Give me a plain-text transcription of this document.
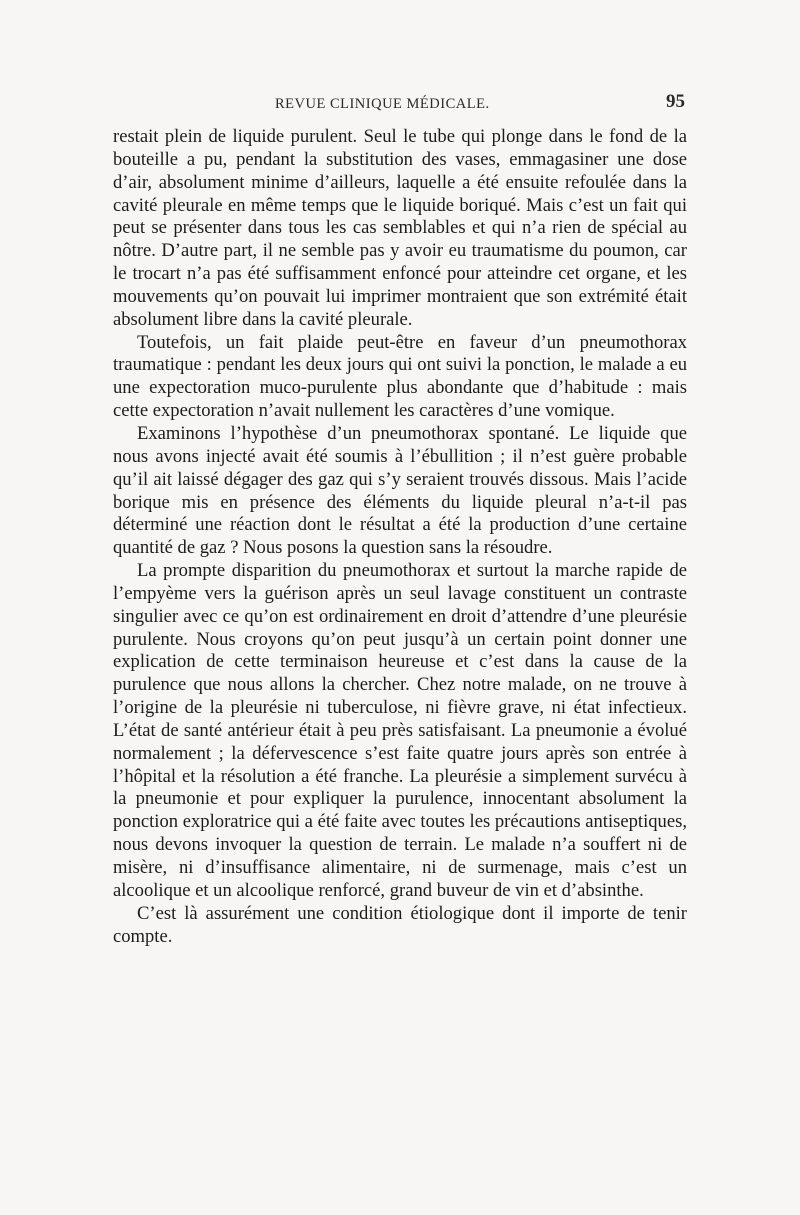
REVUE CLINIQUE MÉDICALE.	95

restait plein de liquide purulent. Seul le tube qui plonge dans le fond de la bouteille a pu, pendant la substitution des vases, emmagasiner une dose d’air, absolument minime d’ailleurs, laquelle a été ensuite refoulée dans la cavité pleurale en même temps que le liquide boriqué. Mais c’est un fait qui peut se présenter dans tous les cas semblables et qui n’a rien de spécial au nôtre. D’autre part, il ne semble pas y avoir eu traumatisme du poumon, car le trocart n’a pas été suffisamment enfoncé pour atteindre cet organe, et les mouvements qu’on pouvait lui imprimer montraient que son extrémité était absolument libre dans la cavité pleurale.

Toutefois, un fait plaide peut-être en faveur d’un pneumothorax traumatique : pendant les deux jours qui ont suivi la ponction, le malade a eu une expectoration muco-purulente plus abondante que d’habitude : mais cette expectoration n’avait nullement les caractères d’une vomique.

Examinons l’hypothèse d’un pneumothorax spontané. Le liquide que nous avons injecté avait été soumis à l’ébullition ; il n’est guère probable qu’il ait laissé dégager des gaz qui s’y seraient trouvés dissous. Mais l’acide borique mis en présence des éléments du liquide pleural n’a-t-il pas déterminé une réaction dont le résultat a été la production d’une certaine quantité de gaz ? Nous posons la question sans la résoudre.

La prompte disparition du pneumothorax et surtout la marche rapide de l’empyème vers la guérison après un seul lavage constituent un contraste singulier avec ce qu’on est ordinairement en droit d’attendre d’une pleurésie purulente. Nous croyons qu’on peut jusqu’à un certain point donner une explication de cette terminaison heureuse et c’est dans la cause de la purulence que nous allons la chercher. Chez notre malade, on ne trouve à l’origine de la pleurésie ni tuberculose, ni fièvre grave, ni état infectieux. L’état de santé antérieur était à peu près satisfaisant. La pneumonie a évolué normalement ; la défervescence s’est faite quatre jours après son entrée à l’hôpital et la résolution a été franche. La pleurésie a simplement survécu à la pneumonie et pour expliquer la purulence, innocentant absolument la ponction exploratrice qui a été faite avec toutes les précautions antiseptiques, nous devons invoquer la question de terrain. Le malade n’a souffert ni de misère, ni d’insuffisance alimentaire, ni de surmenage, mais c’est un alcoolique et un alcoolique renforcé, grand buveur de vin et d’absinthe.

C’est là assurément une condition étiologique dont il importe de tenir compte.
